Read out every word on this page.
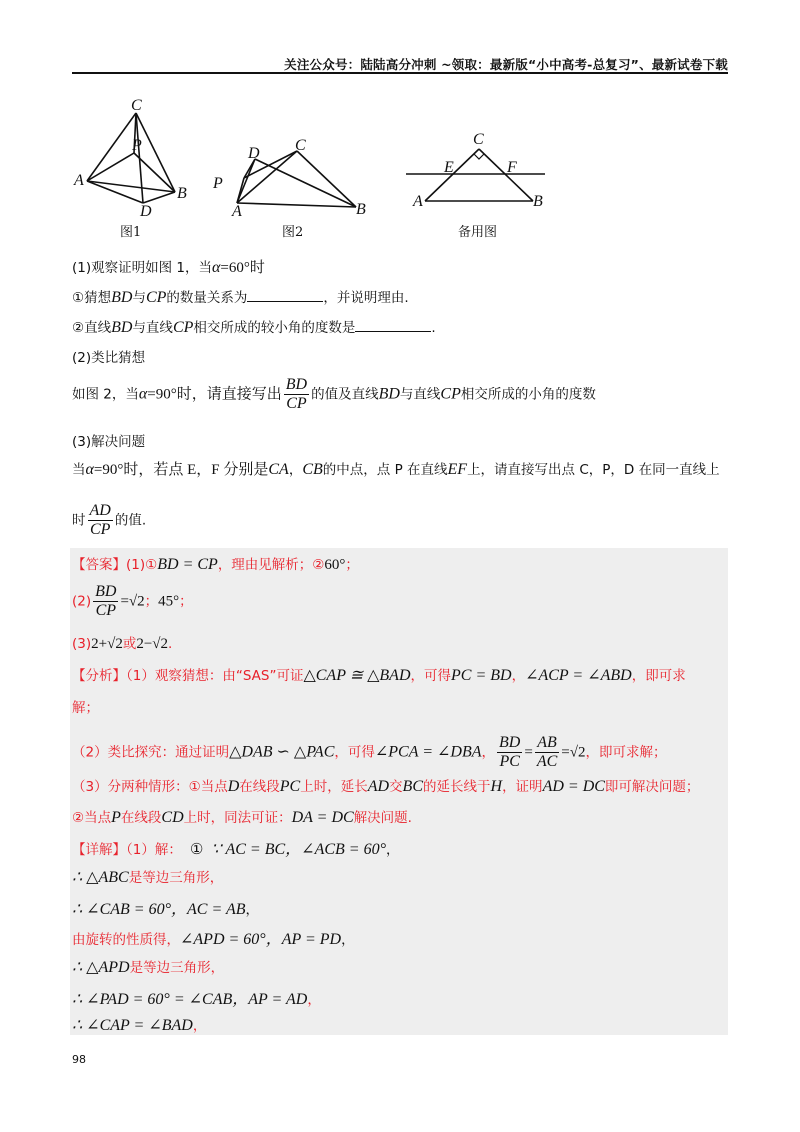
关注公众号：陆陆高分冲刺 ~领取：最新版“小中高考-总复习”、最新试卷下载
C
P
A
B
D
图1
D C
P
A	B
图2
C
E	F
A	B
备用图
(1)观察证明如图 1，当α=60°时
①猜想BD与CP的数量关系为	，并说明理由.
②直线BD与直线CP相交所成的较小角的度数是	.
(2)类比猜想
如图 2，当α=90°时，请直接写出 $\frac{BD}{CP}$ 的值及直线BD与直线CP相交所成的小角的度数
(3)解决问题
当α=90°时，若点 E，F 分别是CA，CB的中点，点 P 在直线EF上，请直接写出点 C，P，D 在同一直线上
时 $\frac{AD}{CP}$ 的值.
【答案】(1)①BD = CP，理由见解析；②60°；
$(2) \frac{BD}{CP} =√2$；45°；
(3)2+√2或2−√2.
【分析】（1）观察猜想：由“SAS”可证△CAP ≅ △BAD，可得PC = BD，∠ACP = ∠ABD，即可求
解；
（2）类比探究：通过证明△DAB ∽ △PAC，可得∠PCA = ∠DBA， $\frac{BD}{PC} = \frac{AB}{AC} =√2$，即可求解；
（3）分两种情形：①当点D在线段PC上时，延长AD交BC的延长线于H，证明AD = DC即可解决问题；
②当点P在线段CD上时，同法可证：DA = DC解决问题.
【详解】（1）解： ① ∵ AC = BC，∠ACB = 60°，
∴ △ABC是等边三角形，
∴ ∠CAB = 60°，AC = AB，
由旋转的性质得，∠APD = 60°，AP = PD，
∴ △APD是等边三角形，
∴ ∠PAD = 60° = ∠CAB，AP = AD，
∴ ∠CAP = ∠BAD，
98
